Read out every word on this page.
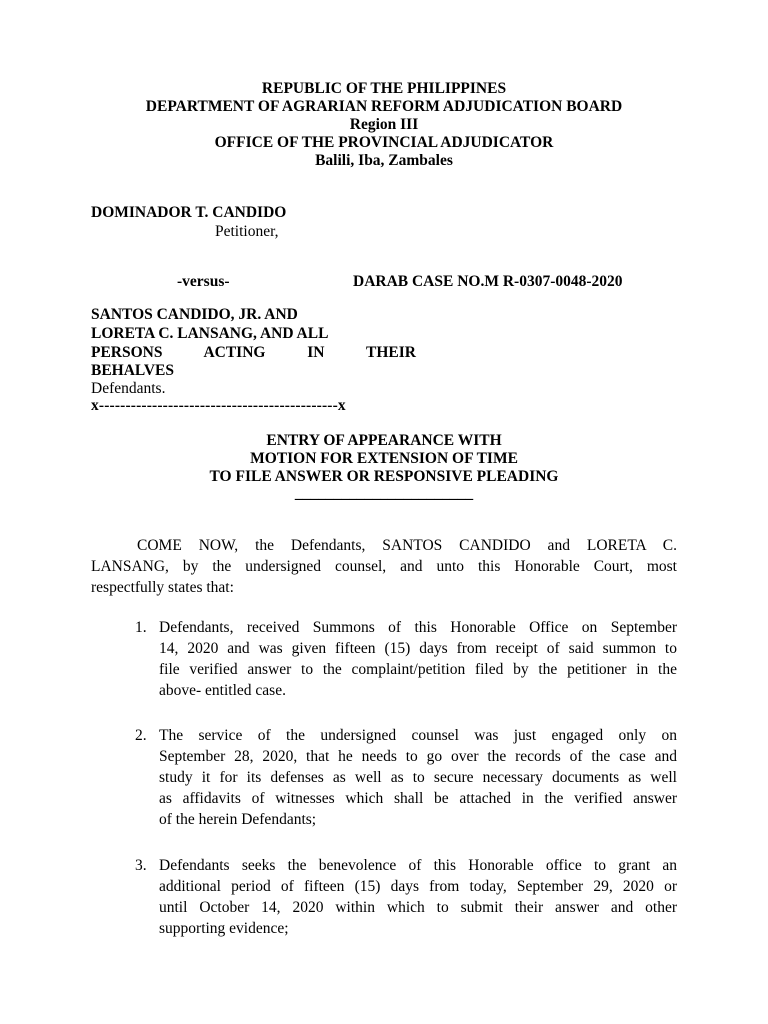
REPUBLIC OF THE PHILIPPINES
DEPARTMENT OF AGRARIAN REFORM ADJUDICATION BOARD
Region III
OFFICE OF THE PROVINCIAL ADJUDICATOR
Balili, Iba, Zambales
DOMINADOR T. CANDIDO
Petitioner,
-versus-	DARAB CASE NO.M R-0307-0048-2020
SANTOS CANDIDO, JR. AND
LORETA C. LANSANG, AND ALL
PERSONS ACTING IN THEIR
BEHALVES
Defendants.
x---------------------------------------------x
ENTRY OF APPEARANCE WITH
MOTION FOR EXTENSION OF TIME
TO FILE ANSWER OR RESPONSIVE PLEADING
_______________________
COME NOW, the Defendants, SANTOS CANDIDO and LORETA C.
LANSANG, by the undersigned counsel, and unto this Honorable Court, most
respectfully states that:
1. Defendants, received Summons of this Honorable Office on September
14, 2020 and was given fifteen (15) days from receipt of said summon to
file verified answer to the complaint/petition filed by the petitioner in the
above- entitled case.
2. The service of the undersigned counsel was just engaged only on
September 28, 2020, that he needs to go over the records of the case and
study it for its defenses as well as to secure necessary documents as well
as affidavits of witnesses which shall be attached in the verified answer
of the herein Defendants;
3. Defendants seeks the benevolence of this Honorable office to grant an
additional period of fifteen (15) days from today, September 29, 2020 or
until October 14, 2020 within which to submit their answer and other
supporting evidence;
